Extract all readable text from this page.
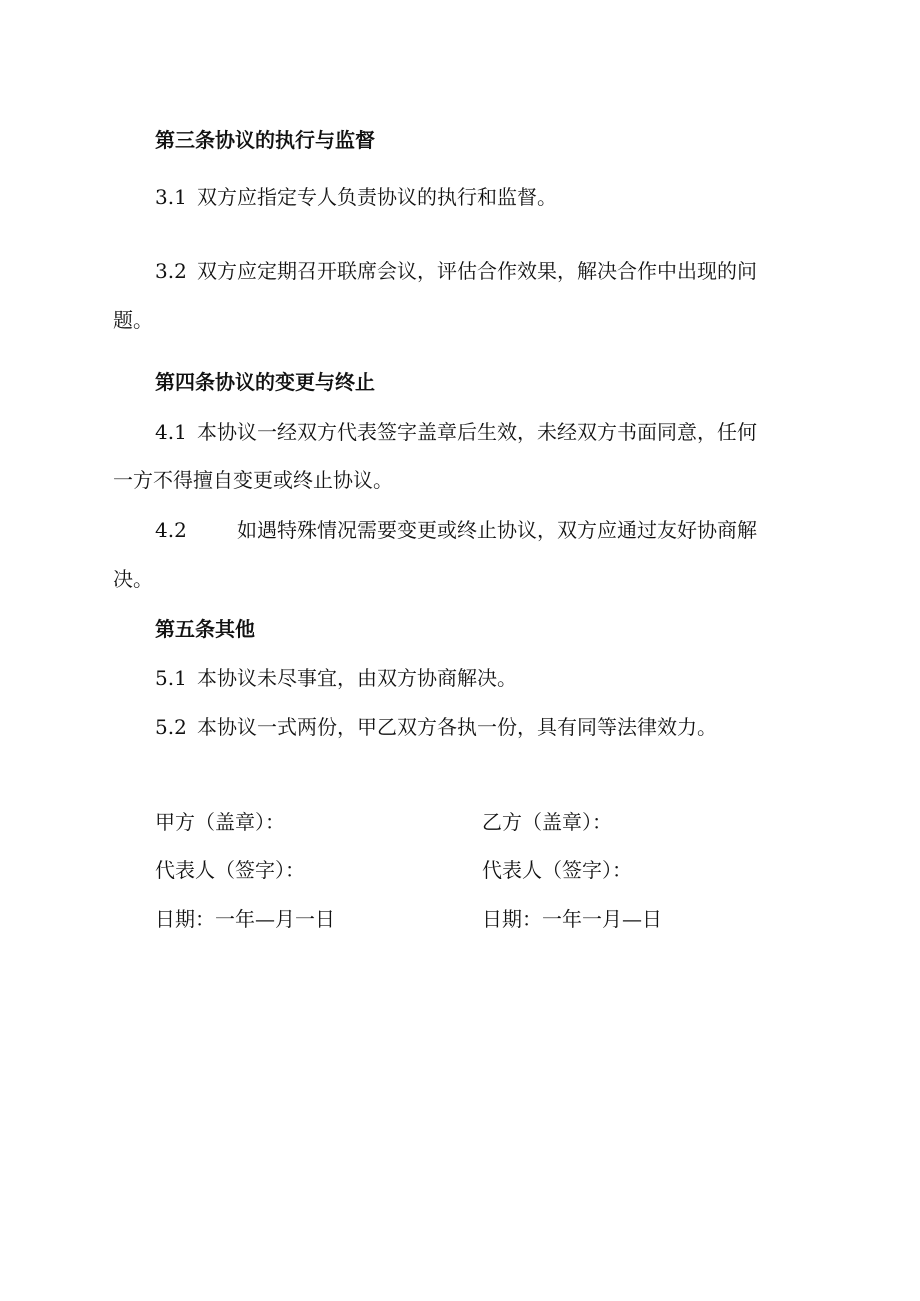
第三条协议的执行与监督
3.1 双方应指定专人负责协议的执行和监督。
3.2 双方应定期召开联席会议，评估合作效果，解决合作中出现的问
题。
第四条协议的变更与终止
4.1 本协议一经双方代表签字盖章后生效，未经双方书面同意，任何
一方不得擅自变更或终止协议。
4.2	如遇特殊情况需要变更或终止协议，双方应通过友好协商解
决。
第五条其他
5.1 本协议未尽事宜，由双方协商解决。
5.2 本协议一式两份，甲乙双方各执一份，具有同等法律效力。
甲方（盖章）：	乙方（盖章）：
代表人（签字）：	代表人（签字）：
日期：一年—月一日	日期：一年一月—日
